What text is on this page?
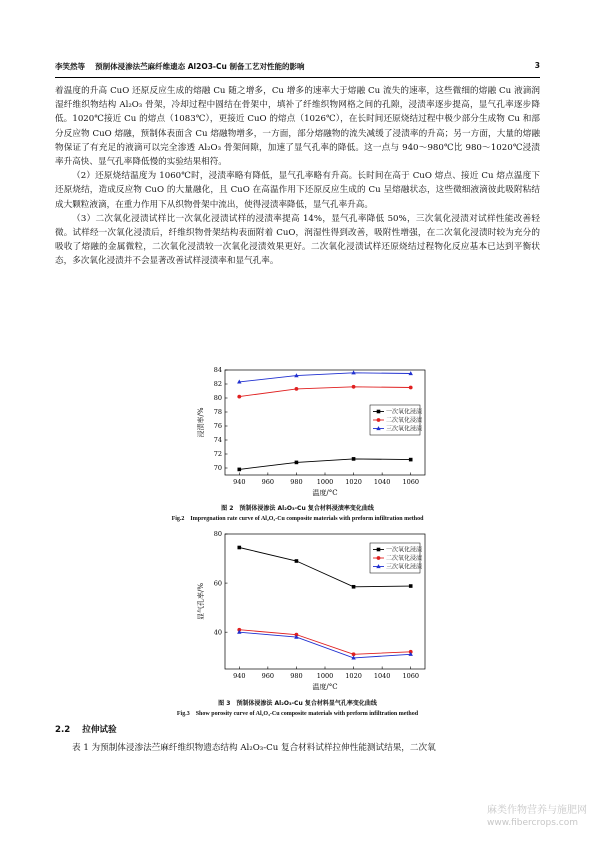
李笑然等　 预制体浸渗法苎麻纤维遗态 Al2O3-Cu 制备工艺对性能的影响	3

着温度的升高 CuO 还原反应生成的熔融 Cu 随之增多，Cu 增多的速率大于熔融 Cu 流失的速率，这些微细的熔融 Cu 液滴润湿纤维织物结构 Al₂O₃ 骨架，冷却过程中圆结在骨架中，填补了纤维织物网格之间的孔隙，浸渍率逐步提高，显气孔率逐步降低。1020℃接近 Cu 的熔点（1083℃），更接近 CuO 的熔点（1026℃），在长时间还原烧结过程中极少部分生成物 Cu 和部分反应物 CuO 熔融，预制体表面含 Cu 熔融物增多，一方面，部分熔融物的流失减缓了浸渍率的升高；另一方面，大量的熔融物保证了有充足的液滴可以完全渗透 Al₂O₃ 骨架间隙，加速了显气孔率的降低。这一点与 940～980℃比 980～1020℃浸渍率升高快、显气孔率降低慢的实验结果相符。

（2）还原烧结温度为 1060℃时，浸渍率略有降低，显气孔率略有升高。长时间在高于 CuO 熔点、接近 Cu 熔点温度下还原烧结，造成反应物 CuO 的大量融化，且 CuO 在高温作用下还原反应生成的 Cu 呈熔融状态，这些微细液滴彼此吸附粘结成大颗粒液滴，在重力作用下从织物骨架中流出，使得浸渍率降低，显气孔率升高。

（3）二次氧化浸渍试样比一次氧化浸渍试样的浸渍率提高 14%，显气孔率降低 50%，三次氧化浸渍对试样性能改善轻微。试样经一次氧化浸渍后，纤维织物骨架结构表面附着 CuO，润湿性得到改善，吸附性增强，在二次氧化浸渍时较为充分的吸收了熔融的金属微粒，二次氧化浸渍较一次氧化浸渍效果更好。二次氧化浸渍试样还原烧结过程物化反应基本已达到平衡状态，多次氧化浸渍并不会显著改善试样浸渍率和显气孔率。

940 960 980 1000 1020 1040 1060
70
72
74
76
78
80
82
84
温度/°C
浸渍率/%	一次氧化浸渍
二次氧化浸渍
三次氧化浸渍
图 2　预制体浸渗法 Al₂O₃-Cu 复合材料浸渍率变化曲线
Fig.2　Impregnation rate curve of Al₂O₃-Cu composite materials with preform infiltration method
940 960 980 1000 1020 1040 1060
40
60
80
温度/°C
显气孔率/%
一次氧化浸渍
二次氧化浸渍
三次氧化浸渍
图 3　预制体浸渗法 Al₂O₃-Cu 复合材料显气孔率变化曲线
Fig.3　Show porosity curve of Al₂O₃-Cu composite materials with preform infiltration method
2.2 拉伸试验
表 1 为预制体浸渗法苎麻纤维织物遗态结构 Al₂O₃-Cu 复合材料试样拉伸性能测试结果，二次氧
麻类作物营养与施肥网
www.fibercrops.com
